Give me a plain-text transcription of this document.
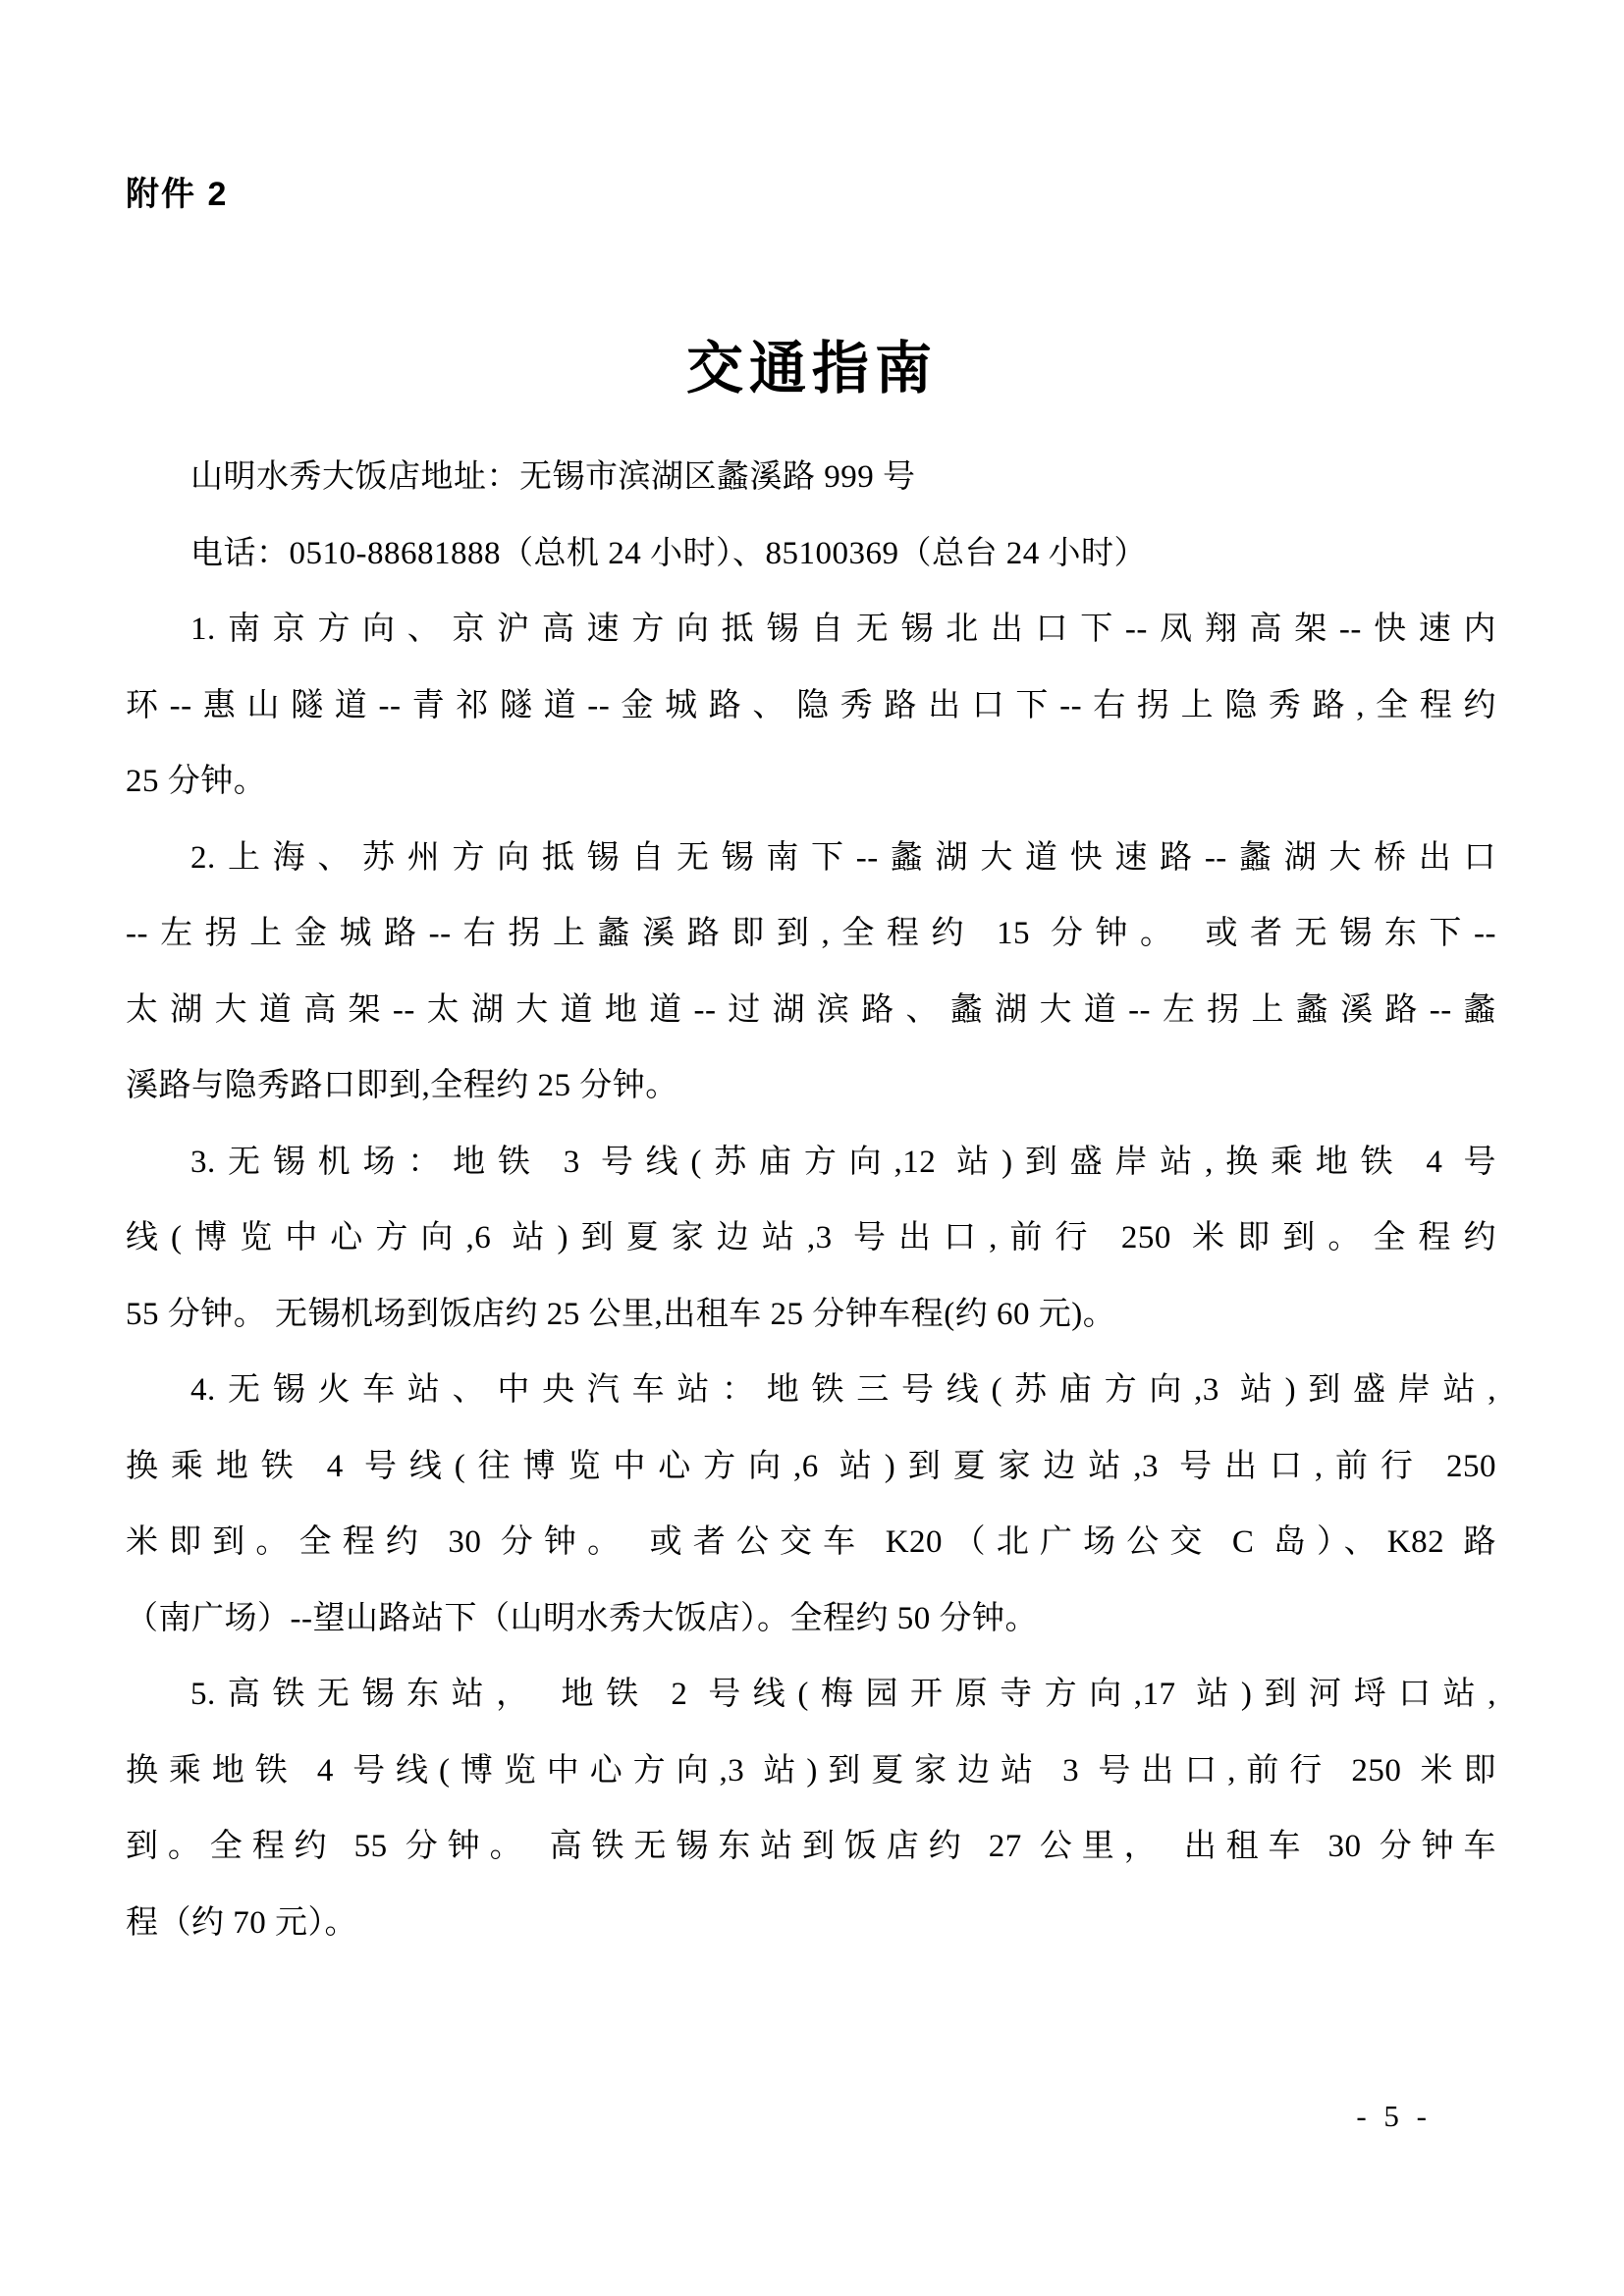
附件 2
交通指南
山明水秀大饭店地址：无锡市滨湖区蠡溪路 999 号
电话：0510-88681888（总机 24 小时）、85100369（总台 24 小时）
1.南京方向、京沪高速方向抵锡自无锡北出口下--凤翔高架--快速内
环--惠山隧道--青祁隧道--金城路、隐秀路出口下--右拐上隐秀路,全程约
25 分钟。
2.上海、苏州方向抵锡自无锡南下--蠡湖大道快速路--蠡湖大桥出口
--左拐上金城路--右拐上蠡溪路即到,全程约 15 分钟。 或者无锡东下--
太湖大道高架--太湖大道地道--过湖滨路、蠡湖大道--左拐上蠡溪路--蠡
溪路与隐秀路口即到,全程约 25 分钟。
3.无锡机场：地铁 3 号线(苏庙方向,12 站)到盛岸站,换乘地铁 4 号
线(博览中心方向,6 站)到夏家边站,3 号出口,前行 250 米即到。全程约
55 分钟。 无锡机场到饭店约 25 公里,出租车 25 分钟车程(约 60 元)。
4.无锡火车站、中央汽车站：地铁三号线(苏庙方向,3 站)到盛岸站,
换乘地铁 4 号线(往博览中心方向,6 站)到夏家边站,3 号出口,前行 250
米即到。全程约 30 分钟。 或者公交车 K20（北广场公交 C 岛）、K82 路
（南广场）--望山路站下（山明水秀大饭店）。全程约 50 分钟。
5.高铁无锡东站， 地铁 2 号线(梅园开原寺方向,17 站)到河埒口站,
换乘地铁 4 号线(博览中心方向,3 站)到夏家边站 3 号出口,前行 250 米即
到。全程约 55 分钟。 高铁无锡东站到饭店约 27 公里， 出租车 30 分钟车
程（约 70 元）。
- 5 -
